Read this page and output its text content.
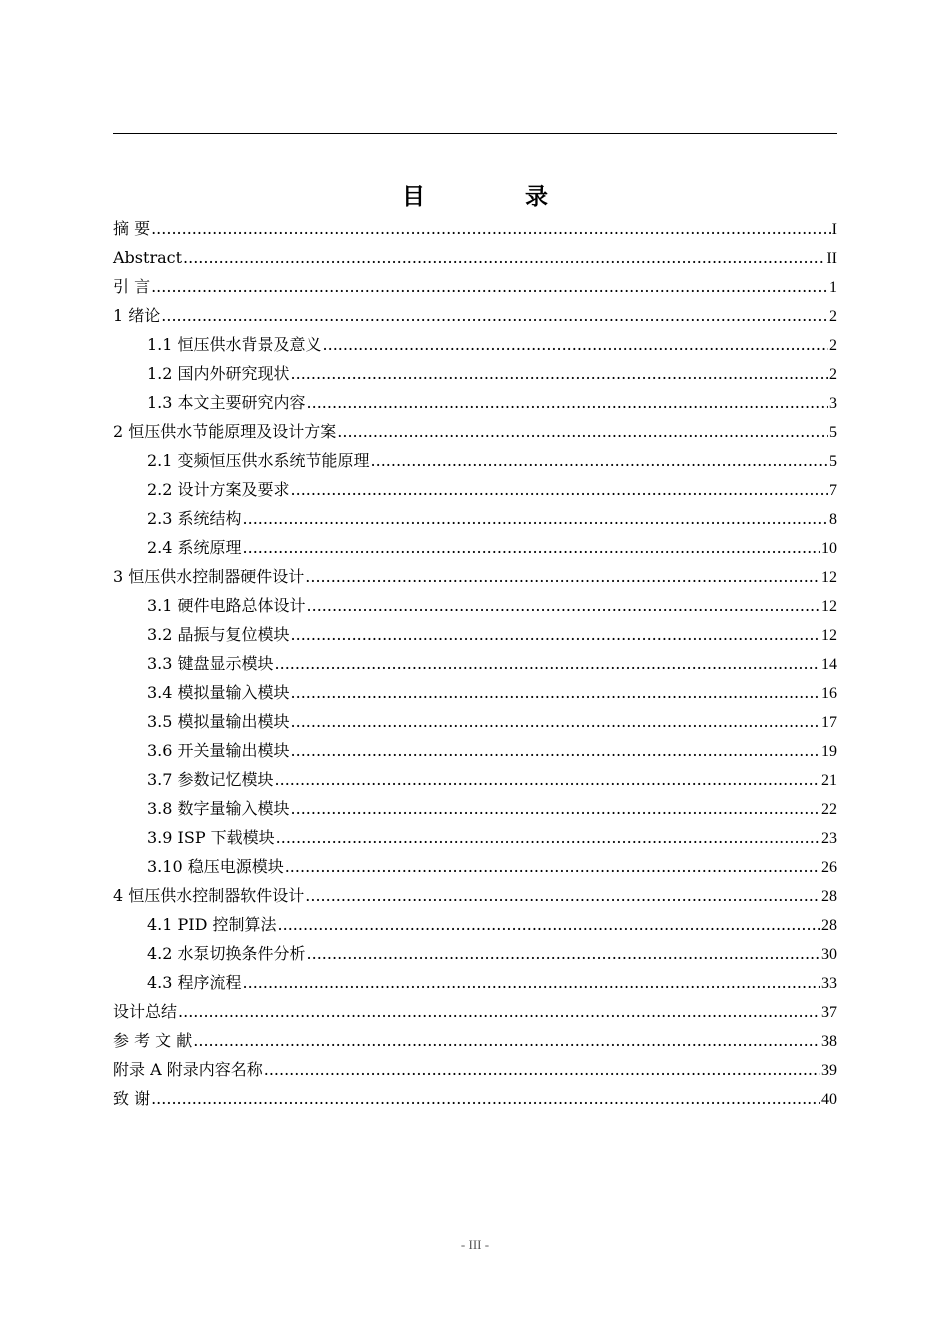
目 录
摘 要 .....	I
Abstract .....	II
引 言 .....	1
1 绪论 .....	2
1.1 恒压供水背景及意义 .....	2
1.2 国内外研究现状 .....	2
1.3 本文主要研究内容 .....	3
2 恒压供水节能原理及设计方案 .....	5
2.1 变频恒压供水系统节能原理 .....	5
2.2 设计方案及要求 .....	7
2.3 系统结构 .....	8
2.4 系统原理 .....	10
3 恒压供水控制器硬件设计 .....	12
3.1 硬件电路总体设计 .....	12
3.2 晶振与复位模块 .....	12
3.3 键盘显示模块 .....	14
3.4 模拟量输入模块 .....	16
3.5 模拟量输出模块 .....	17
3.6 开关量输出模块 .....	19
3.7 参数记忆模块 .....	21
3.8 数字量输入模块 .....	22
3.9 ISP 下载模块 .....	23
3.10 稳压电源模块 .....	26
4 恒压供水控制器软件设计 .....	28
4.1 PID 控制算法 .....	28
4.2 水泵切换条件分析 .....	30
4.3 程序流程 .....	33
设计总结 .....	37
参 考 文 献 .....	38
附录 A 附录内容名称 .....	39
致 谢 .....	40
- III -
